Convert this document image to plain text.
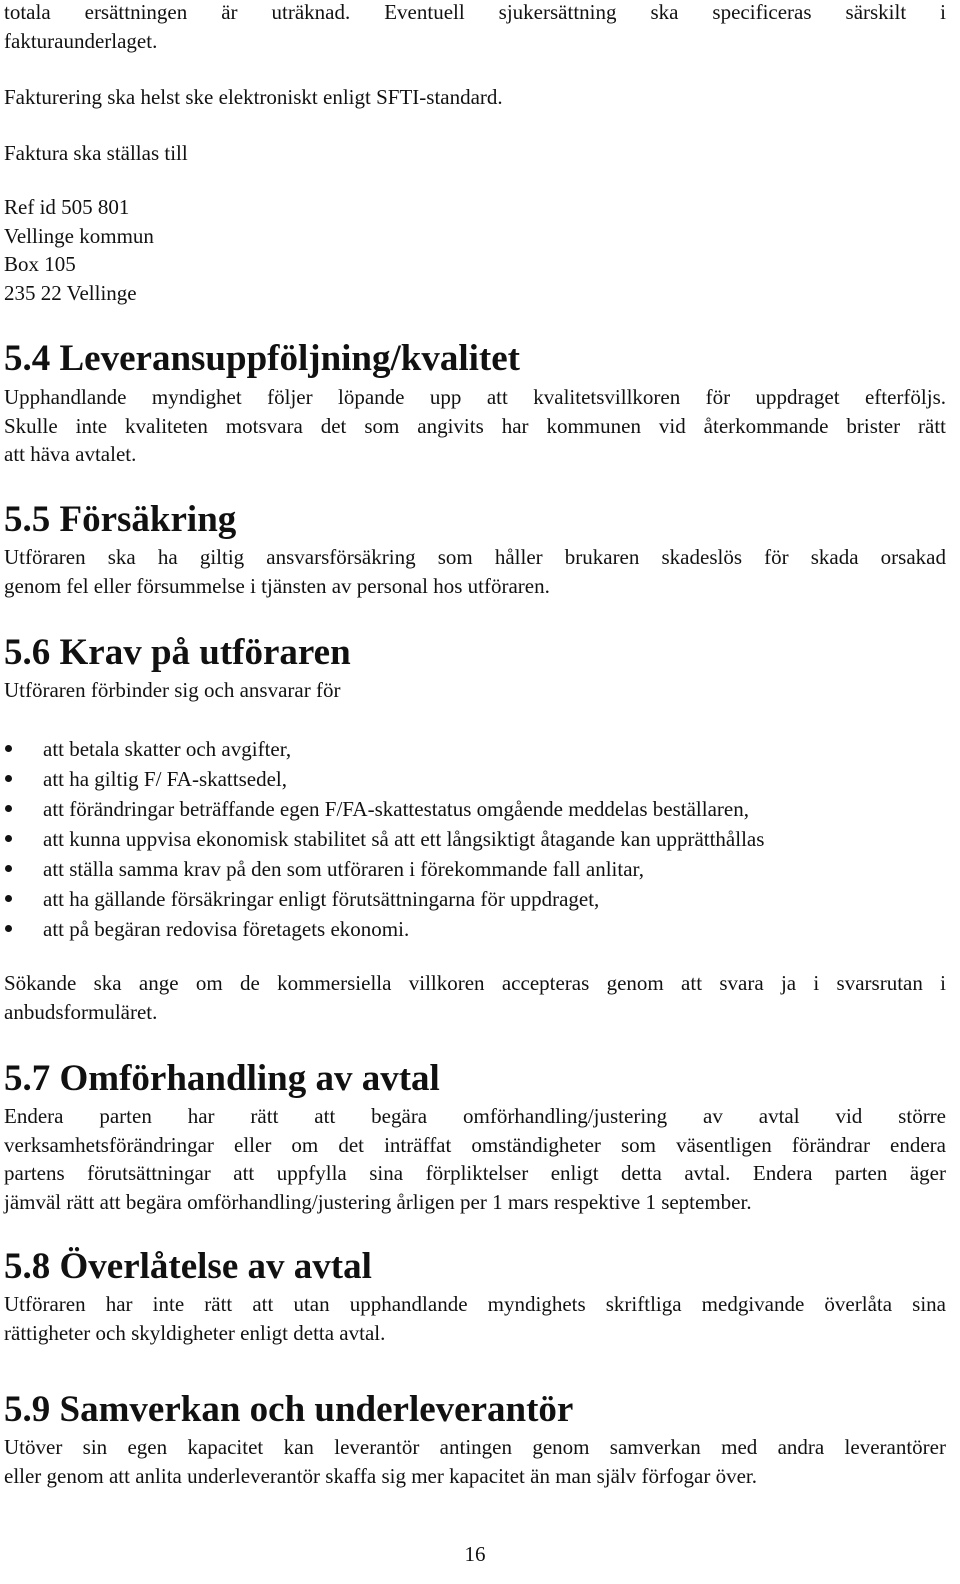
totala ersättningen är uträknad. Eventuell sjukersättning ska specificeras särskilt i

fakturaunderlaget.

Fakturering ska helst ske elektroniskt enligt SFTI-standard.

Faktura ska ställas till

Ref id 505 801

Vellinge kommun

Box 105

235 22 Vellinge

5.4 Leveransuppföljning/kvalitet

Upphandlande myndighet följer löpande upp att kvalitetsvillkoren för uppdraget efterföljs.

Skulle inte kvaliteten motsvara det som angivits har kommunen vid återkommande brister rätt

att häva avtalet.

5.5 Försäkring

Utföraren ska ha giltig ansvarsförsäkring som håller brukaren skadeslös för skada orsakad

genom fel eller försummelse i tjänsten av personal hos utföraren.

5.6 Krav på utföraren

Utföraren förbinder sig och ansvarar för

att betala skatter och avgifter,
att ha giltig F/ FA-skattsedel,
att förändringar beträffande egen F/FA-skattestatus omgående meddelas beställaren,
att kunna uppvisa ekonomisk stabilitet så att ett långsiktigt åtagande kan upprätthållas
att ställa samma krav på den som utföraren i förekommande fall anlitar,
att ha gällande försäkringar enligt förutsättningarna för uppdraget,
att på begäran redovisa företagets ekonomi.

Sökande ska ange om de kommersiella villkoren accepteras genom att svara ja i svarsrutan i

anbudsformuläret.

5.7 Omförhandling av avtal

Endera parten har rätt att begära omförhandling/justering av avtal vid större

verksamhetsförändringar eller om det inträffat omständigheter som väsentligen förändrar endera

partens förutsättningar att uppfylla sina förpliktelser enligt detta avtal. Endera parten äger

jämväl rätt att begära omförhandling/justering årligen per 1 mars respektive 1 september.

5.8 Överlåtelse av avtal

Utföraren har inte rätt att utan upphandlande myndighets skriftliga medgivande överlåta sina

rättigheter och skyldigheter enligt detta avtal.

5.9 Samverkan och underleverantör

Utöver sin egen kapacitet kan leverantör antingen genom samverkan med andra leverantörer

eller genom att anlita underleverantör skaffa sig mer kapacitet än man själv förfogar över.

16
